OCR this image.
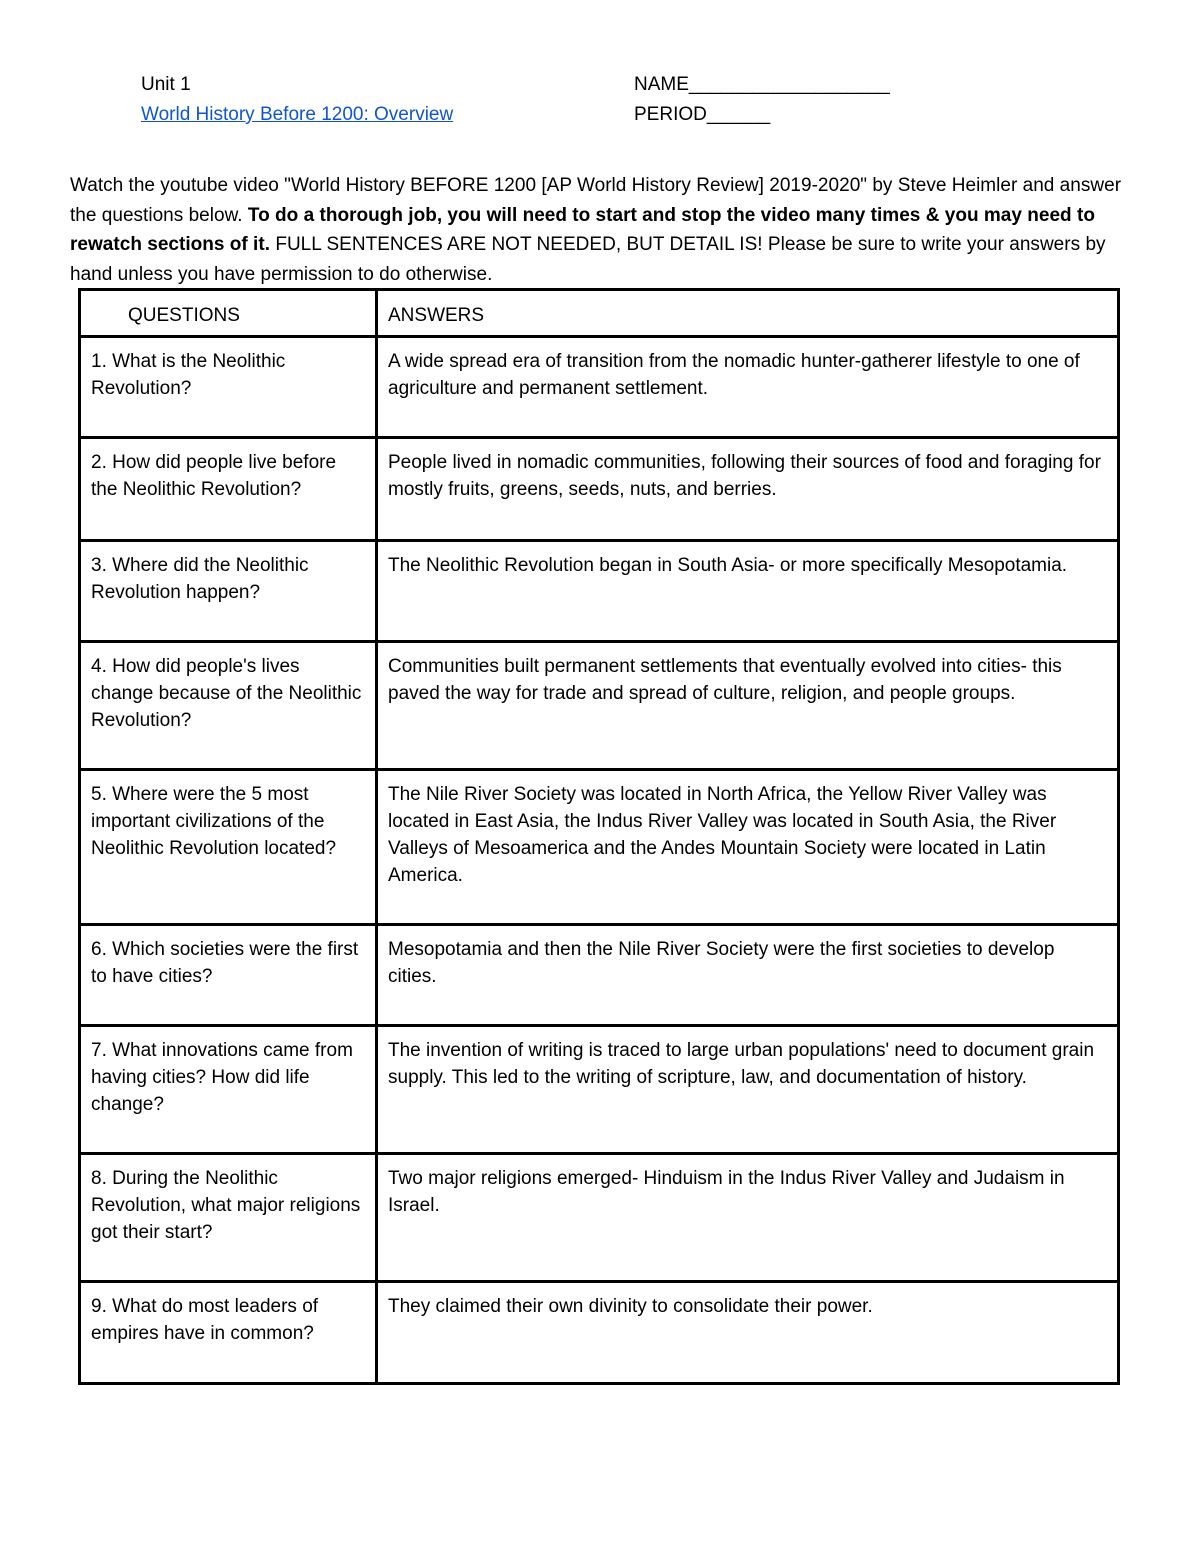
Unit 1
World History Before 1200: Overview
NAME___________________
PERIOD______
Watch the youtube video "World History BEFORE 1200 [AP World History Review] 2019-2020" by Steve Heimler and answer the questions below. To do a thorough job, you will need to start and stop the video many times & you may need to rewatch sections of it. FULL SENTENCES ARE NOT NEEDED, BUT DETAIL IS! Please be sure to write your answers by hand unless you have permission to do otherwise.
QUESTIONS	ANSWERS
1. What is the Neolithic Revolution?	A wide spread era of transition from the nomadic hunter-gatherer lifestyle to one of agriculture and permanent settlement.
2. How did people live before the Neolithic Revolution?	People lived in nomadic communities, following their sources of food and foraging for mostly fruits, greens, seeds, nuts, and berries.
3. Where did the Neolithic Revolution happen?	The Neolithic Revolution began in South Asia- or more specifically Mesopotamia.
4. How did people's lives change because of the Neolithic Revolution?	Communities built permanent settlements that eventually evolved into cities- this paved the way for trade and spread of culture, religion, and people groups.
5. Where were the 5 most important civilizations of the Neolithic Revolution located?	The Nile River Society was located in North Africa, the Yellow River Valley was located in East Asia, the Indus River Valley was located in South Asia, the River Valleys of Mesoamerica and the Andes Mountain Society were located in Latin America.
6. Which societies were the first to have cities?	Mesopotamia and then the Nile River Society were the first societies to develop cities.
7. What innovations came from having cities? How did life change?	The invention of writing is traced to large urban populations' need to document grain supply. This led to the writing of scripture, law, and documentation of history.
8. During the Neolithic Revolution, what major religions got their start?	Two major religions emerged- Hinduism in the Indus River Valley and Judaism in Israel.
9. What do most leaders of empires have in common?	They claimed their own divinity to consolidate their power.
